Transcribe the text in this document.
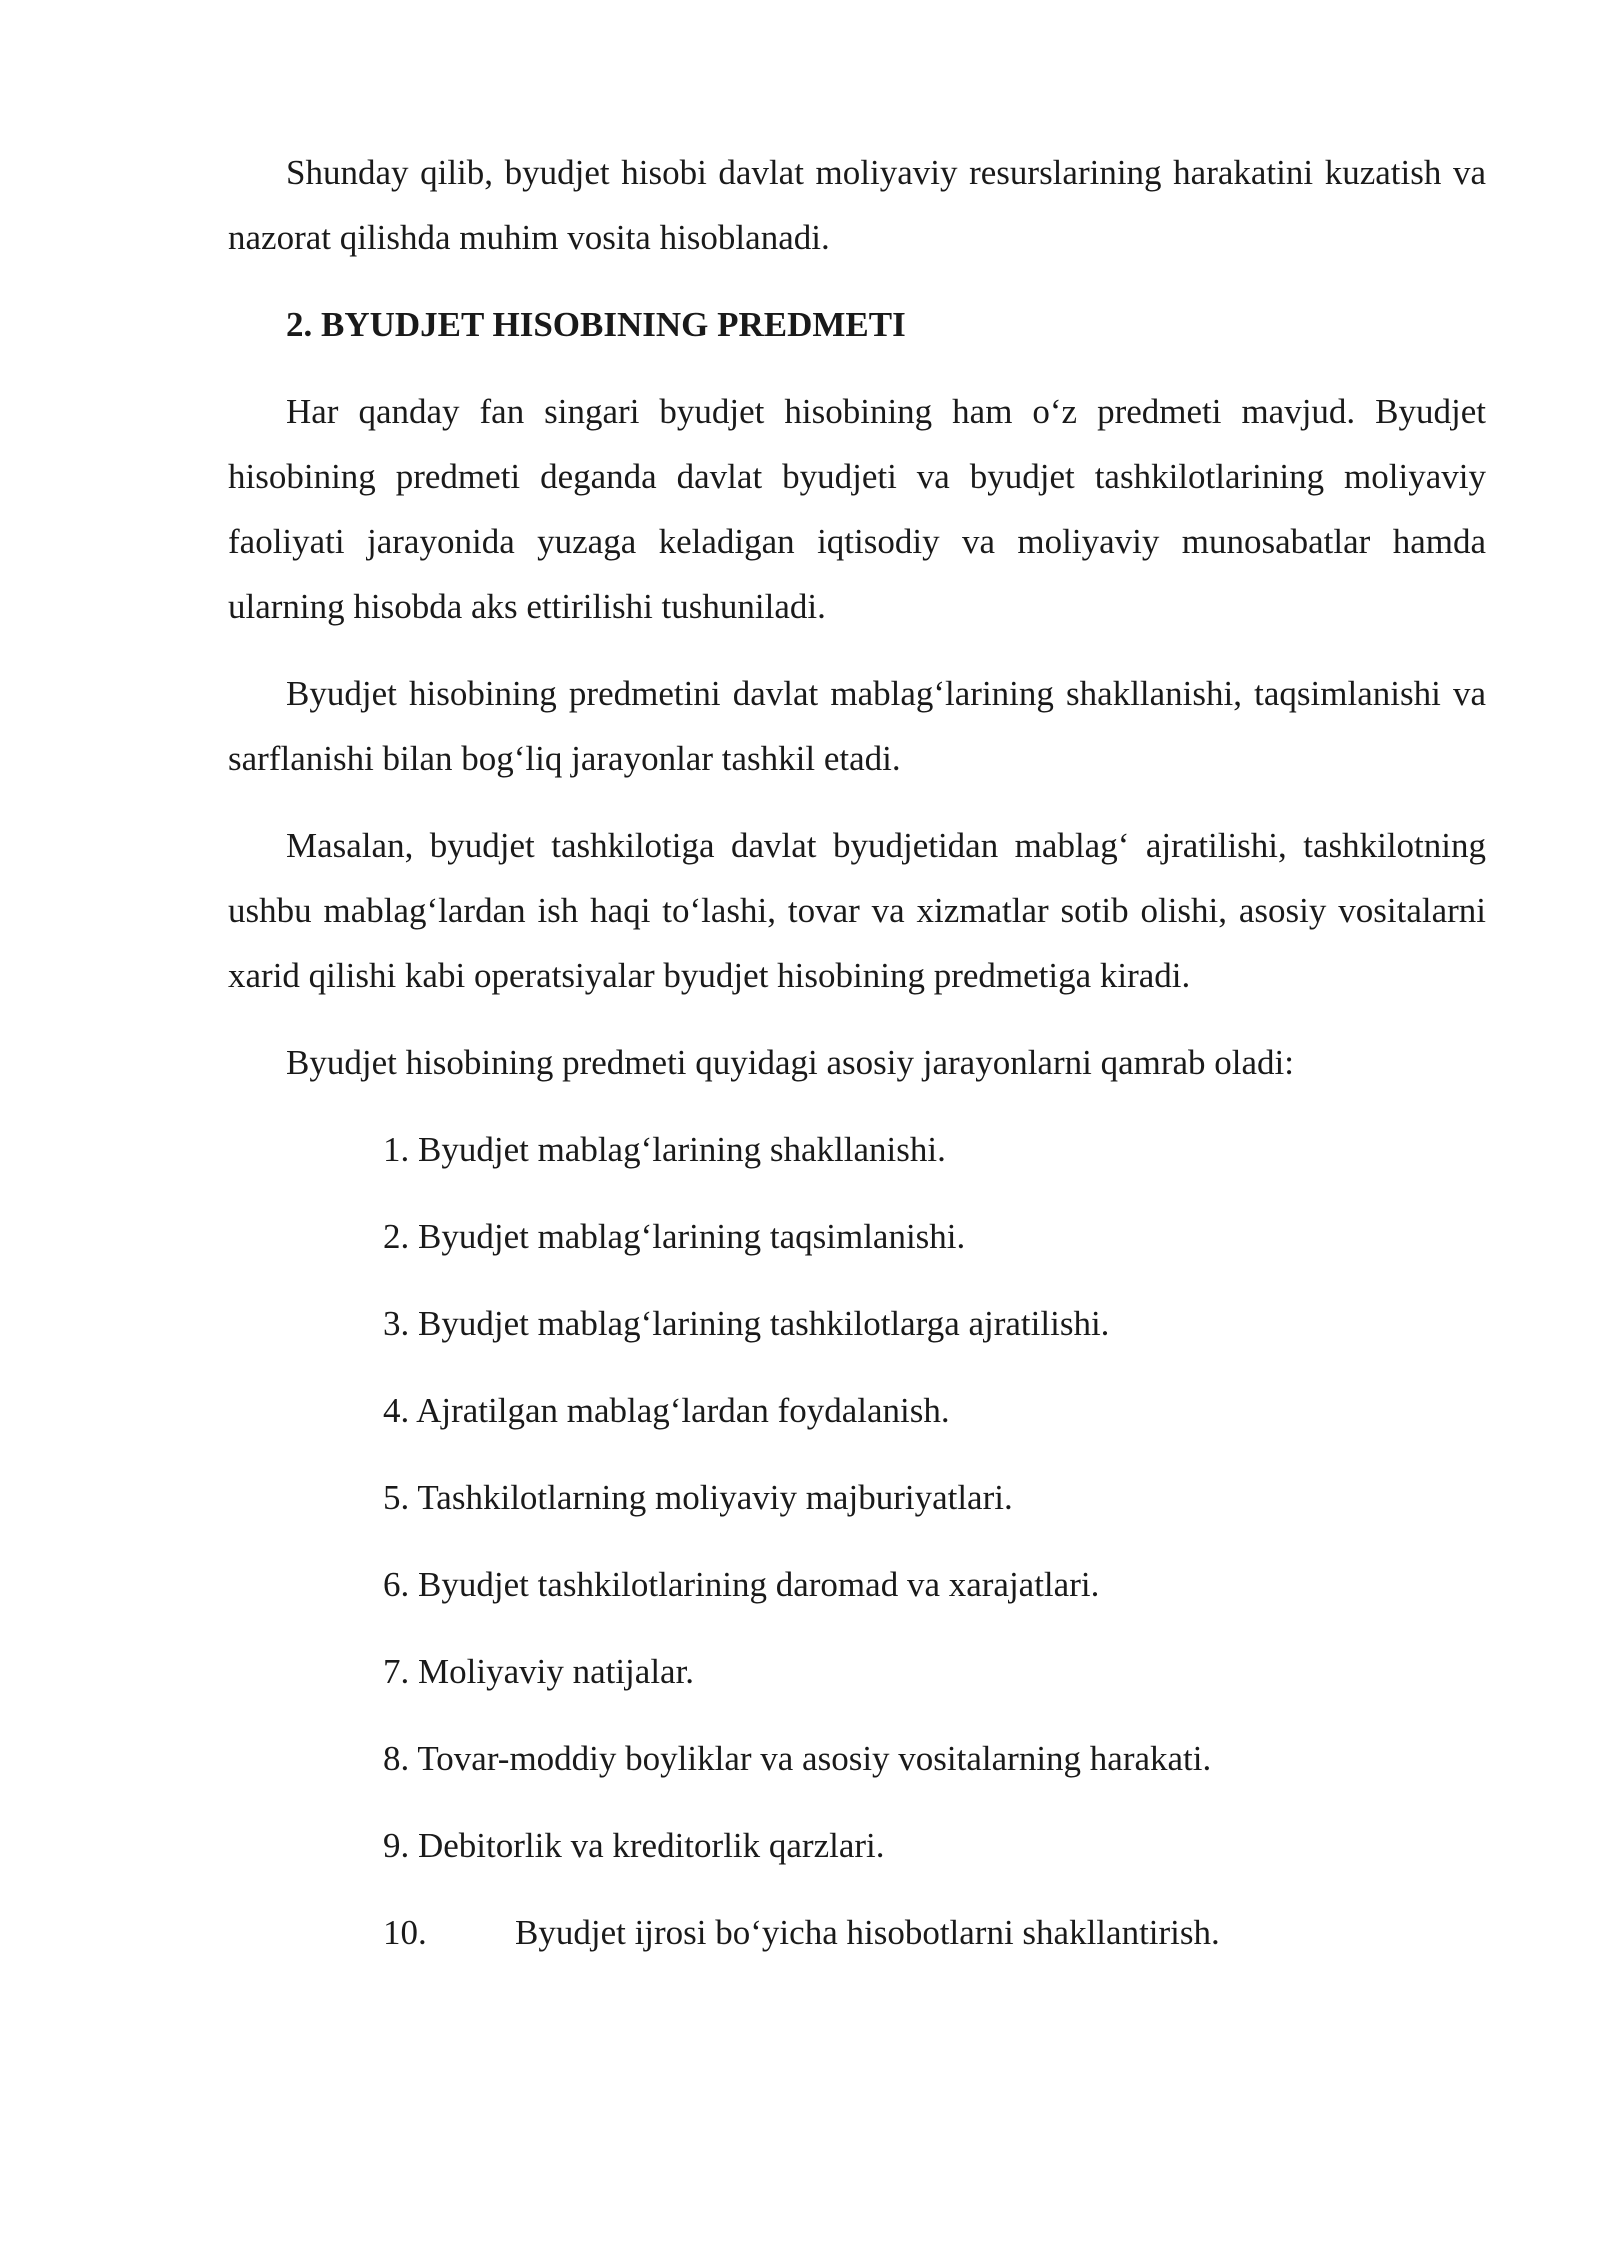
Shunday qilib, byudjet hisobi davlat moliyaviy resurslarining harakatini kuzatish va nazorat qilishda muhim vosita hisoblanadi.

2. BYUDJET HISOBINING PREDMETI

Har qanday fan singari byudjet hisobining ham o‘z predmeti mavjud. Byudjet hisobining predmeti deganda davlat byudjeti va byudjet tashkilotlarining moliyaviy faoliyati jarayonida yuzaga keladigan iqtisodiy va moliyaviy munosabatlar hamda ularning hisobda aks ettirilishi tushuniladi.

Byudjet hisobining predmetini davlat mablag‘larining shakllanishi, taqsimlanishi va sarflanishi bilan bog‘liq jarayonlar tashkil etadi.

Masalan, byudjet tashkilotiga davlat byudjetidan mablag‘ ajratilishi, tashkilotning ushbu mablag‘lardan ish haqi to‘lashi, tovar va xizmatlar sotib olishi, asosiy vositalarni xarid qilishi kabi operatsiyalar byudjet hisobining predmetiga kiradi.

Byudjet hisobining predmeti quyidagi asosiy jarayonlarni qamrab oladi:

1. Byudjet mablag‘larining shakllanishi.
2. Byudjet mablag‘larining taqsimlanishi.
3. Byudjet mablag‘larining tashkilotlarga ajratilishi.
4. Ajratilgan mablag‘lardan foydalanish.
5. Tashkilotlarning moliyaviy majburiyatlari.
6. Byudjet tashkilotlarining daromad va xarajatlari.
7. Moliyaviy natijalar.
8. Tovar-moddiy boyliklar va asosiy vositalarning harakati.
9. Debitorlik va kreditorlik qarzlari.
10.	Byudjet ijrosi bo‘yicha hisobotlarni shakllantirish.
